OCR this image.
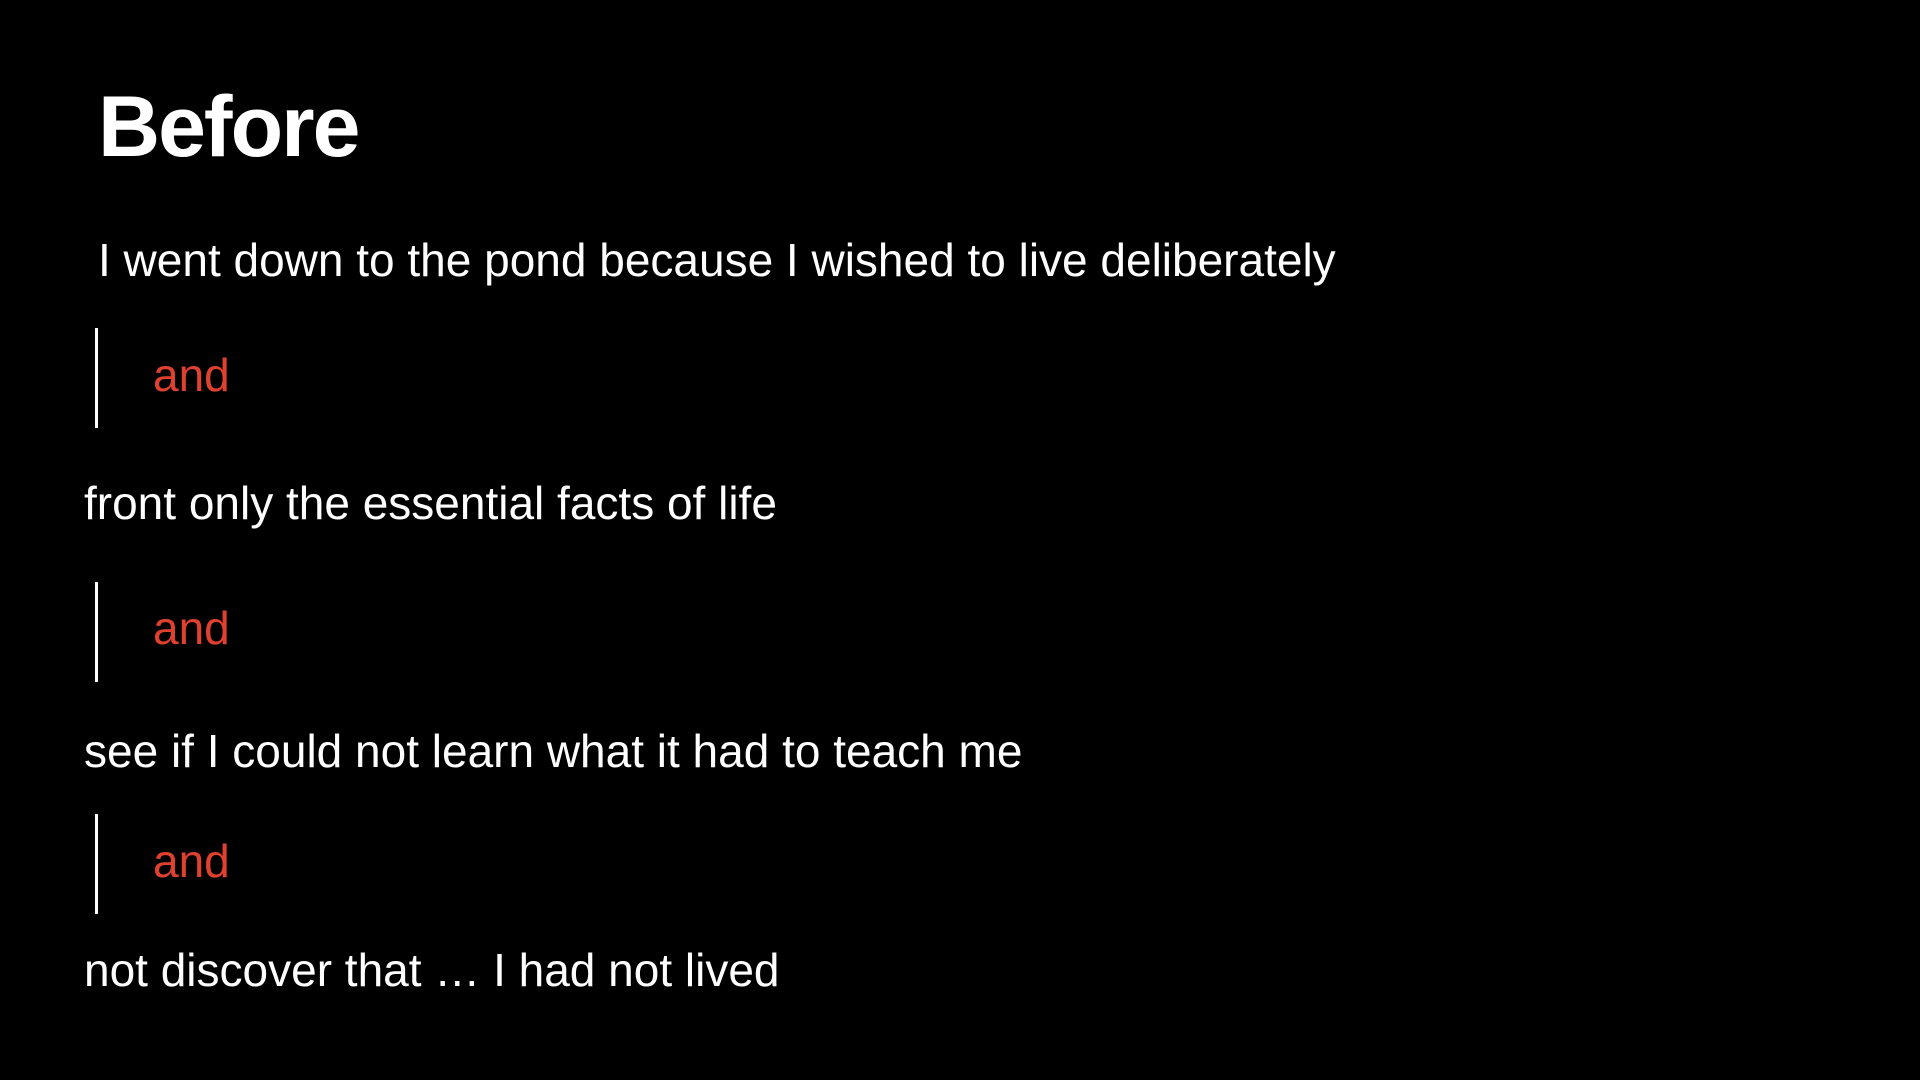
Before
I went down to the pond because I wished to live deliberately
and
front only the essential facts of life
and
see if I could not learn what it had to teach me
and
not discover that … I had not lived
